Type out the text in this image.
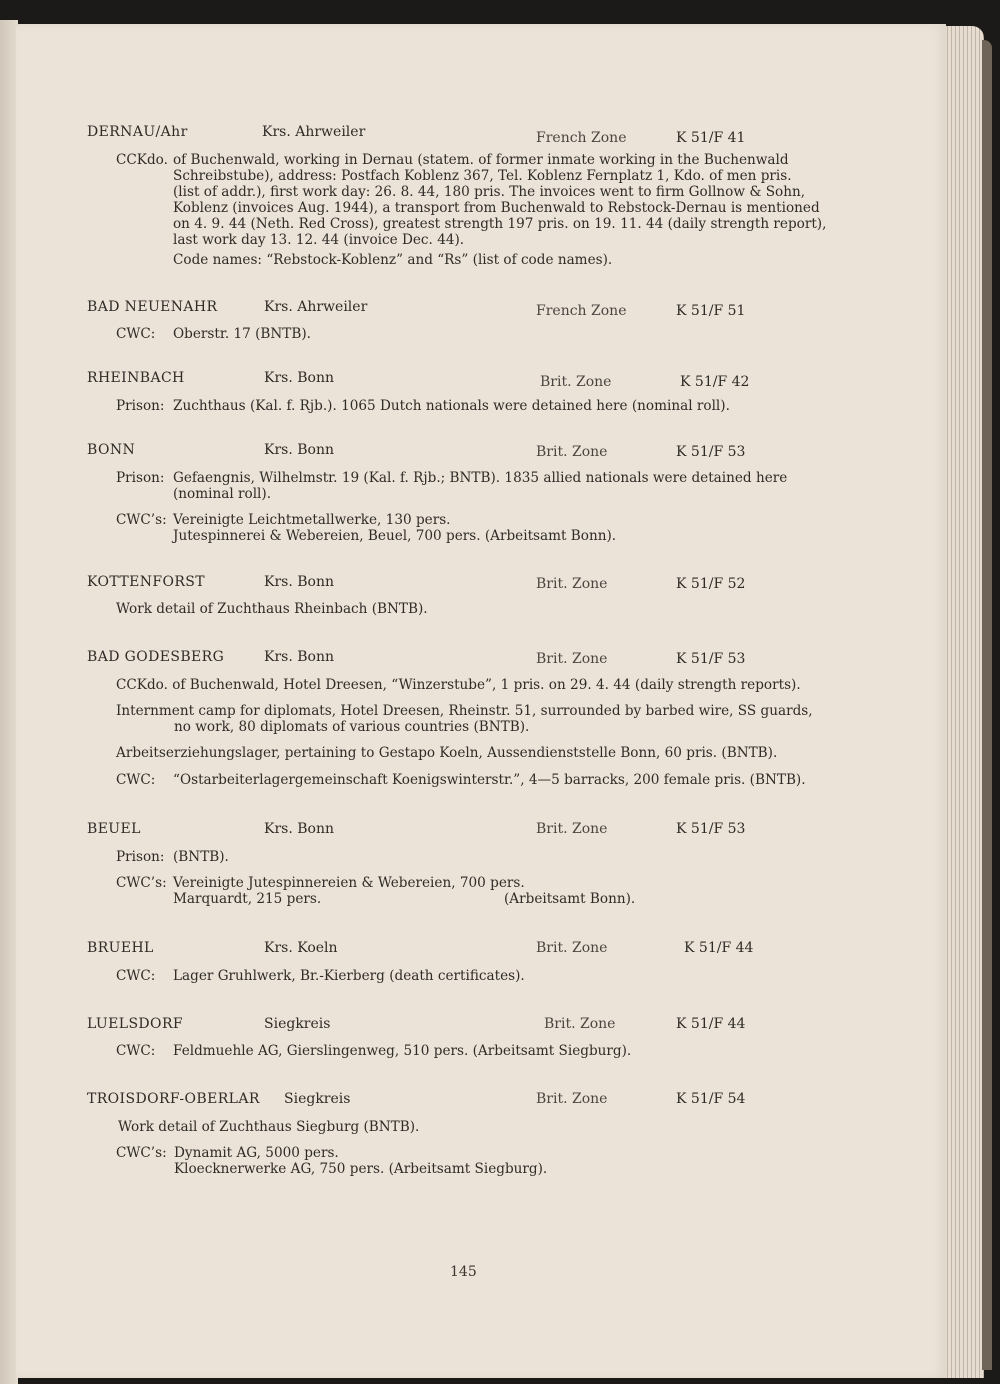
DERNAU/Ahr	Krs. Ahrweiler	French Zone	K 51/F 41
CCKdo. of Buchenwald, working in Dernau (statem. of former inmate working in the Buchenwald
Schreibstube), address: Postfach Koblenz 367, Tel. Koblenz Fernplatz 1, Kdo. of men pris.
(list of addr.), first work day: 26. 8. 44, 180 pris. The invoices went to firm Gollnow & Sohn,
Koblenz (invoices Aug. 1944), a transport from Buchenwald to Rebstock-Dernau is mentioned
on 4. 9. 44 (Neth. Red Cross), greatest strength 197 pris. on 19. 11. 44 (daily strength report),
last work day 13. 12. 44 (invoice Dec. 44).
Code names: “Rebstock-Koblenz” and “Rs” (list of code names).
BAD NEUENAHR	Krs. Ahrweiler	French Zone	K 51/F 51
CWC: Oberstr. 17 (BNTB).
RHEINBACH	Krs. Bonn	Brit. Zone	K 51/F 42
Prison: Zuchthaus (Kal. f. Rjb.). 1065 Dutch nationals were detained here (nominal roll).
BONN	Krs. Bonn	Brit. Zone	K 51/F 53
Prison: Gefaengnis, Wilhelmstr. 19 (Kal. f. Rjb.; BNTB). 1835 allied nationals were detained here
(nominal roll).
CWC’s: Vereinigte Leichtmetallwerke, 130 pers.
Jutespinnerei & Webereien, Beuel, 700 pers. (Arbeitsamt Bonn).
KOTTENFORST	Krs. Bonn	Brit. Zone	K 51/F 52
Work detail of Zuchthaus Rheinbach (BNTB).
BAD GODESBERG	Krs. Bonn	Brit. Zone	K 51/F 53
CCKdo. of Buchenwald, Hotel Dreesen, “Winzerstube”, 1 pris. on 29. 4. 44 (daily strength reports).
Internment camp for diplomats, Hotel Dreesen, Rheinstr. 51, surrounded by barbed wire, SS guards,
no work, 80 diplomats of various countries (BNTB).
Arbeitserziehungslager, pertaining to Gestapo Koeln, Aussendienststelle Bonn, 60 pris. (BNTB).
CWC: “Ostarbeiterlagergemeinschaft Koenigswinterstr.”, 4—5 barracks, 200 female pris. (BNTB).
BEUEL	Krs. Bonn	Brit. Zone	K 51/F 53
Prison: (BNTB).
CWC’s: Vereinigte Jutespinnereien & Webereien, 700 pers.
Marquardt, 215 pers.	(Arbeitsamt Bonn).
BRUEHL	Krs. Koeln	Brit. Zone	K 51/F 44
CWC: Lager Gruhlwerk, Br.-Kierberg (death certificates).
LUELSDORF	Siegkreis	Brit. Zone	K 51/F 44
CWC: Feldmuehle AG, Gierslingenweg, 510 pers. (Arbeitsamt Siegburg).
TROISDORF-OBERLAR Siegkreis	Brit. Zone	K 51/F 54
Work detail of Zuchthaus Siegburg (BNTB).
CWC’s: Dynamit AG, 5000 pers.
Kloecknerwerke AG, 750 pers. (Arbeitsamt Siegburg).
145
